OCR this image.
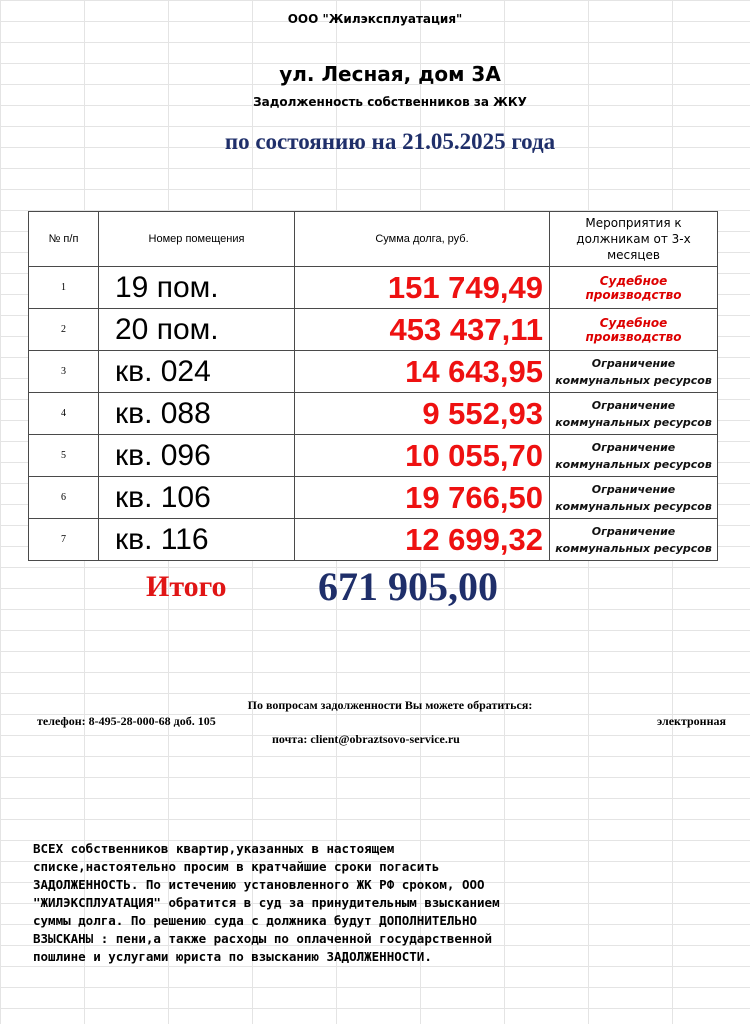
ООО "Жилэксплуатация"
ул. Лесная, дом 3А
Задолженность собственников за ЖКУ
по состоянию на 21.05.2025 года
№ п/п	Номер помещения	Сумма долга, руб.	Мероприятия к должникам от 3-х месяцев
1	19 пом.	151 749,49	Судебное производство
2	20 пом.	453 437,11	Судебное производство
3	кв. 024	14 643,95	Ограничение коммунальных ресурсов
4	кв. 088	9 552,93	Ограничение коммунальных ресурсов
5	кв. 096	10 055,70	Ограничение коммунальных ресурсов
6	кв. 106	19 766,50	Ограничение коммунальных ресурсов
7	кв. 116	12 699,32	Ограничение коммунальных ресурсов
Итого 671 905,00
По вопросам задолженности Вы можете обратиться:
телефон: 8-495-28-000-68 доб. 105	электронная
почта: client@obraztsovo-service.ru
ВСЕХ собственников квартир,указанных в настоящем
списке,настоятельно просим в кратчайшие сроки погасить
ЗАДОЛЖЕННОСТЬ. По истечению установленного ЖК РФ сроком, ООО
"ЖИЛЭКСПЛУАТАЦИЯ" обратится в суд за принудительным взысканием
суммы долга. По решению суда с должника будут ДОПОЛНИТЕЛЬНО
ВЗЫСКАНЫ : пени,а также расходы по оплаченной государственной
пошлине и услугами юриста по взысканию ЗАДОЛЖЕННОСТИ.
